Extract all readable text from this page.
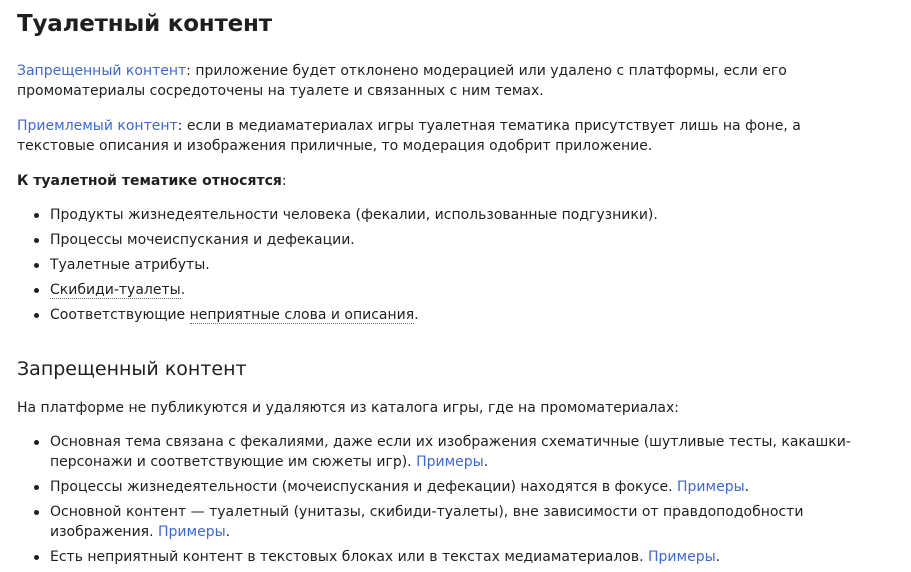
Туалетный контент

Запрещенный контент: приложение будет отклонено модерацией или удалено с платформы, если его промоматериалы сосредоточены на туалете и связанных с ним темах.

Приемлемый контент: если в медиаматериалах игры туалетная тематика присутствует лишь на фоне, а текстовые описания и изображения приличные, то модерация одобрит приложение.

К туалетной тематике относятся:

Продукты жизнедеятельности человека (фекалии, использованные подгузники).
Процессы мочеиспускания и дефекации.
Туалетные атрибуты.
Скибиди-туалеты.
Соответствующие неприятные слова и описания.
Запрещенный контент

На платформе не публикуются и удаляются из каталога игры, где на промоматериалах:

Основная тема связана с фекалиями, даже если их изображения схематичные (шутливые тесты, какашки-персонажи и соответствующие им сюжеты игр). Примеры.
Процессы жизнедеятельности (мочеиспускания и дефекации) находятся в фокусе. Примеры.
Основной контент — туалетный (унитазы, скибиди-туалеты), вне зависимости от правдоподобности изображения. Примеры.
Есть неприятный контент в текстовых блоках или в текстах медиаматериалов. Примеры.
